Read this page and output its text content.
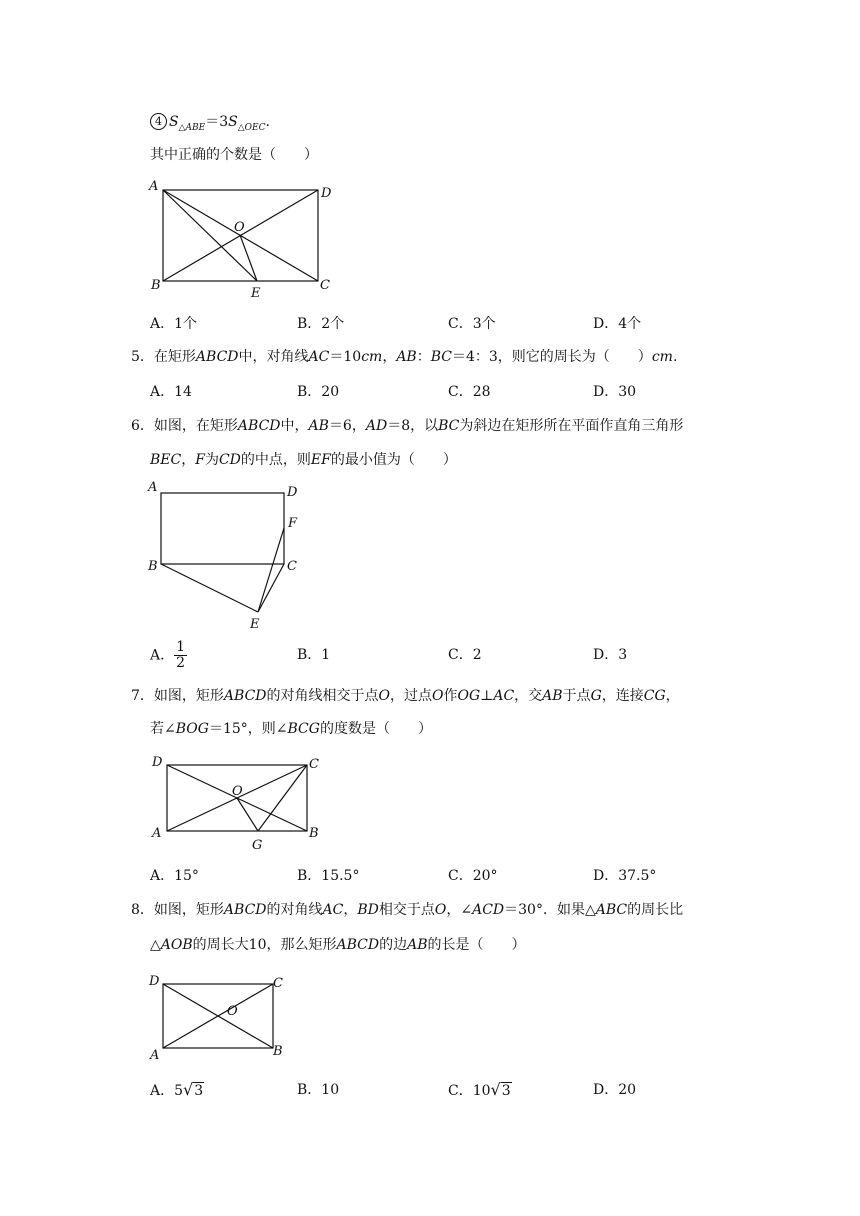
4 $S_{\triangle ABE}=3S_{\triangle OEC}$.
其中正确的个数是（　　）
A	D
O
B	C
E
A．1个	B．2个	C．3个	D．4个
5．在矩形ABCD中，对角线AC＝10cm，AB：BC＝4：3，则它的周长为（　　）cm.
A．14	B．20	C．28	D．30
6．如图，在矩形ABCD中，AB＝6，AD＝8，以BC为斜边在矩形所在平面作直角三角形
BEC，F为CD的中点，则EF的最小值为（　　）
A	D
F
B	C
E
A． $\frac{1}{2}$	B．1	C．2	D．3
7．如图，矩形ABCD的对角线相交于点O，过点O作OG⊥AC，交AB于点G，连接CG，
若∠BOG＝15°，则∠BCG的度数是（　　）
D	C
O
A	B
G
A．15°	B．15.5°	C．20°	D．37.5°
8．如图，矩形ABCD的对角线AC，BD相交于点O，∠ACD＝30°．如果△ABC的周长比
△AOB的周长大10，那么矩形ABCD的边AB的长是（　　）
D	C
O
A	B
A．5√3	B．10	C．10√3	D．20
